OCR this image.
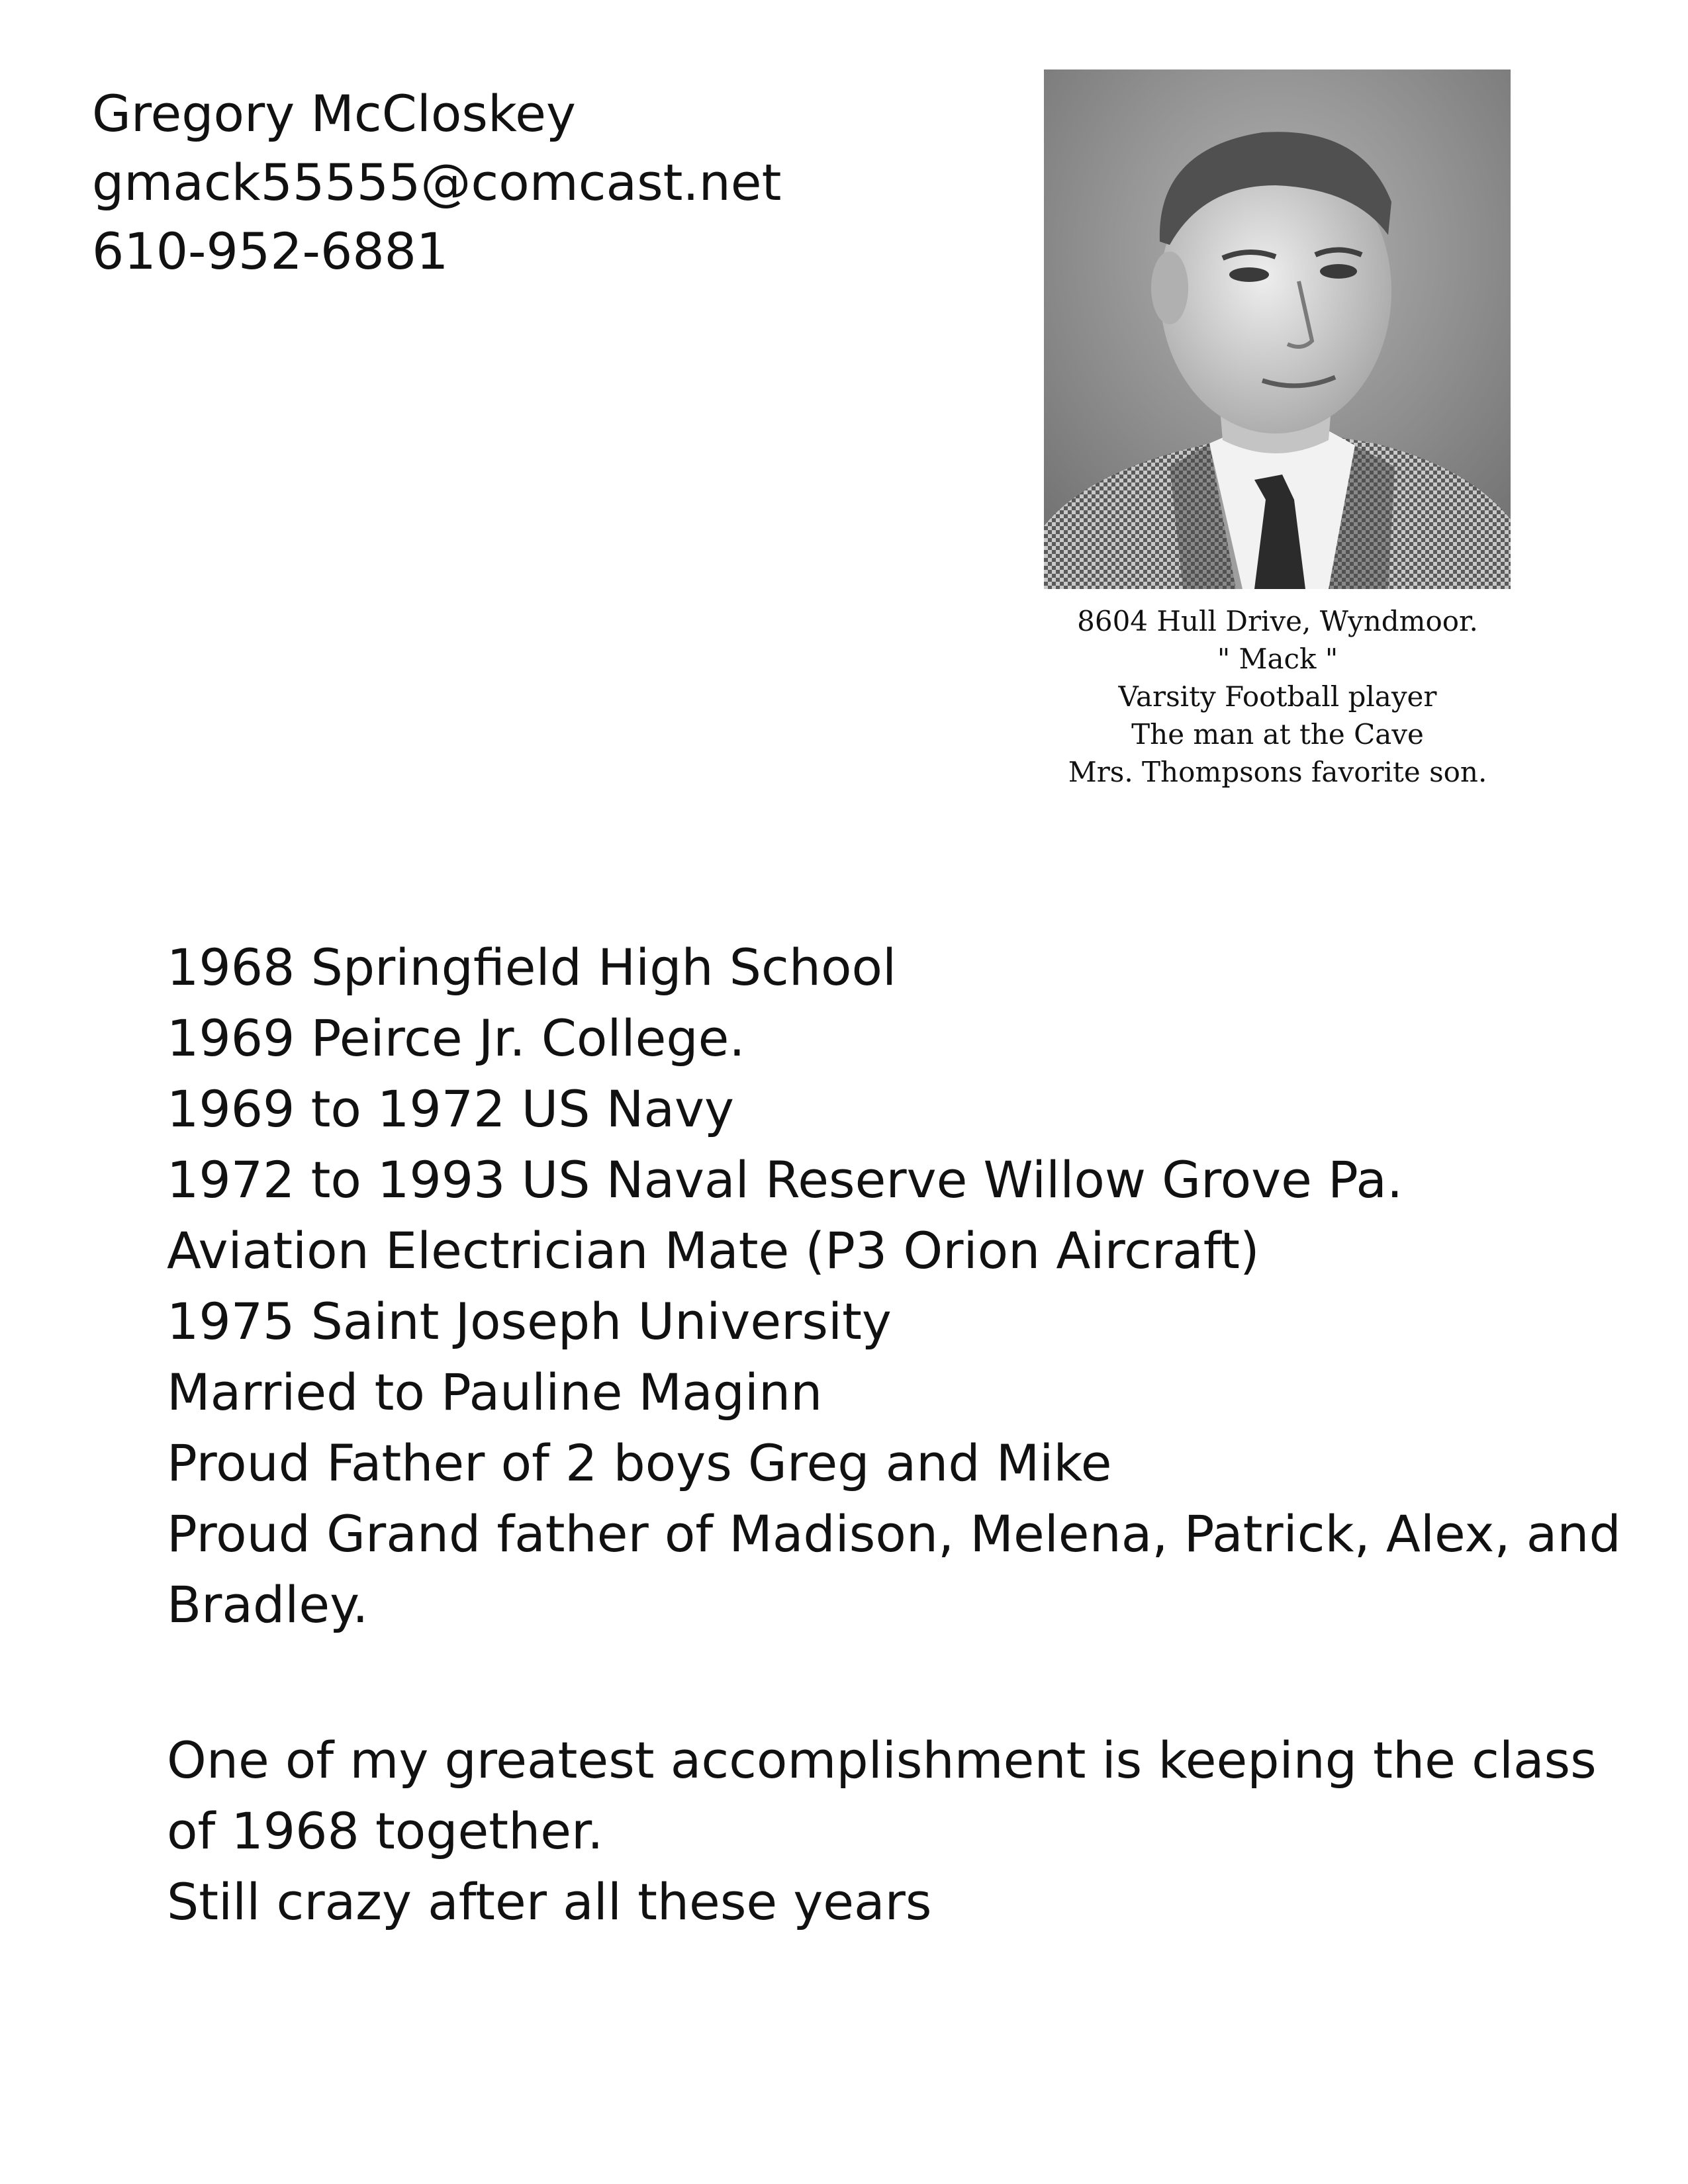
Gregory McCloskey
gmack55555@comcast.net
610-952-6881
8604 Hull Drive, Wyndmoor.
" Mack "
Varsity Football player
The man at the Cave
Mrs. Thompsons favorite son.
1968 Springfield High School
1969 Peirce Jr. College.
1969 to 1972 US Navy
1972 to 1993 US Naval Reserve Willow Grove Pa.
Aviation Electrician Mate (P3 Orion Aircraft)
1975 Saint Joseph University
Married to Pauline Maginn
Proud Father of 2 boys Greg and Mike
Proud Grand father of Madison, Melena, Patrick, Alex, and
Bradley.
One of my greatest accomplishment is keeping the class
of 1968 together.
Still crazy after all these years
